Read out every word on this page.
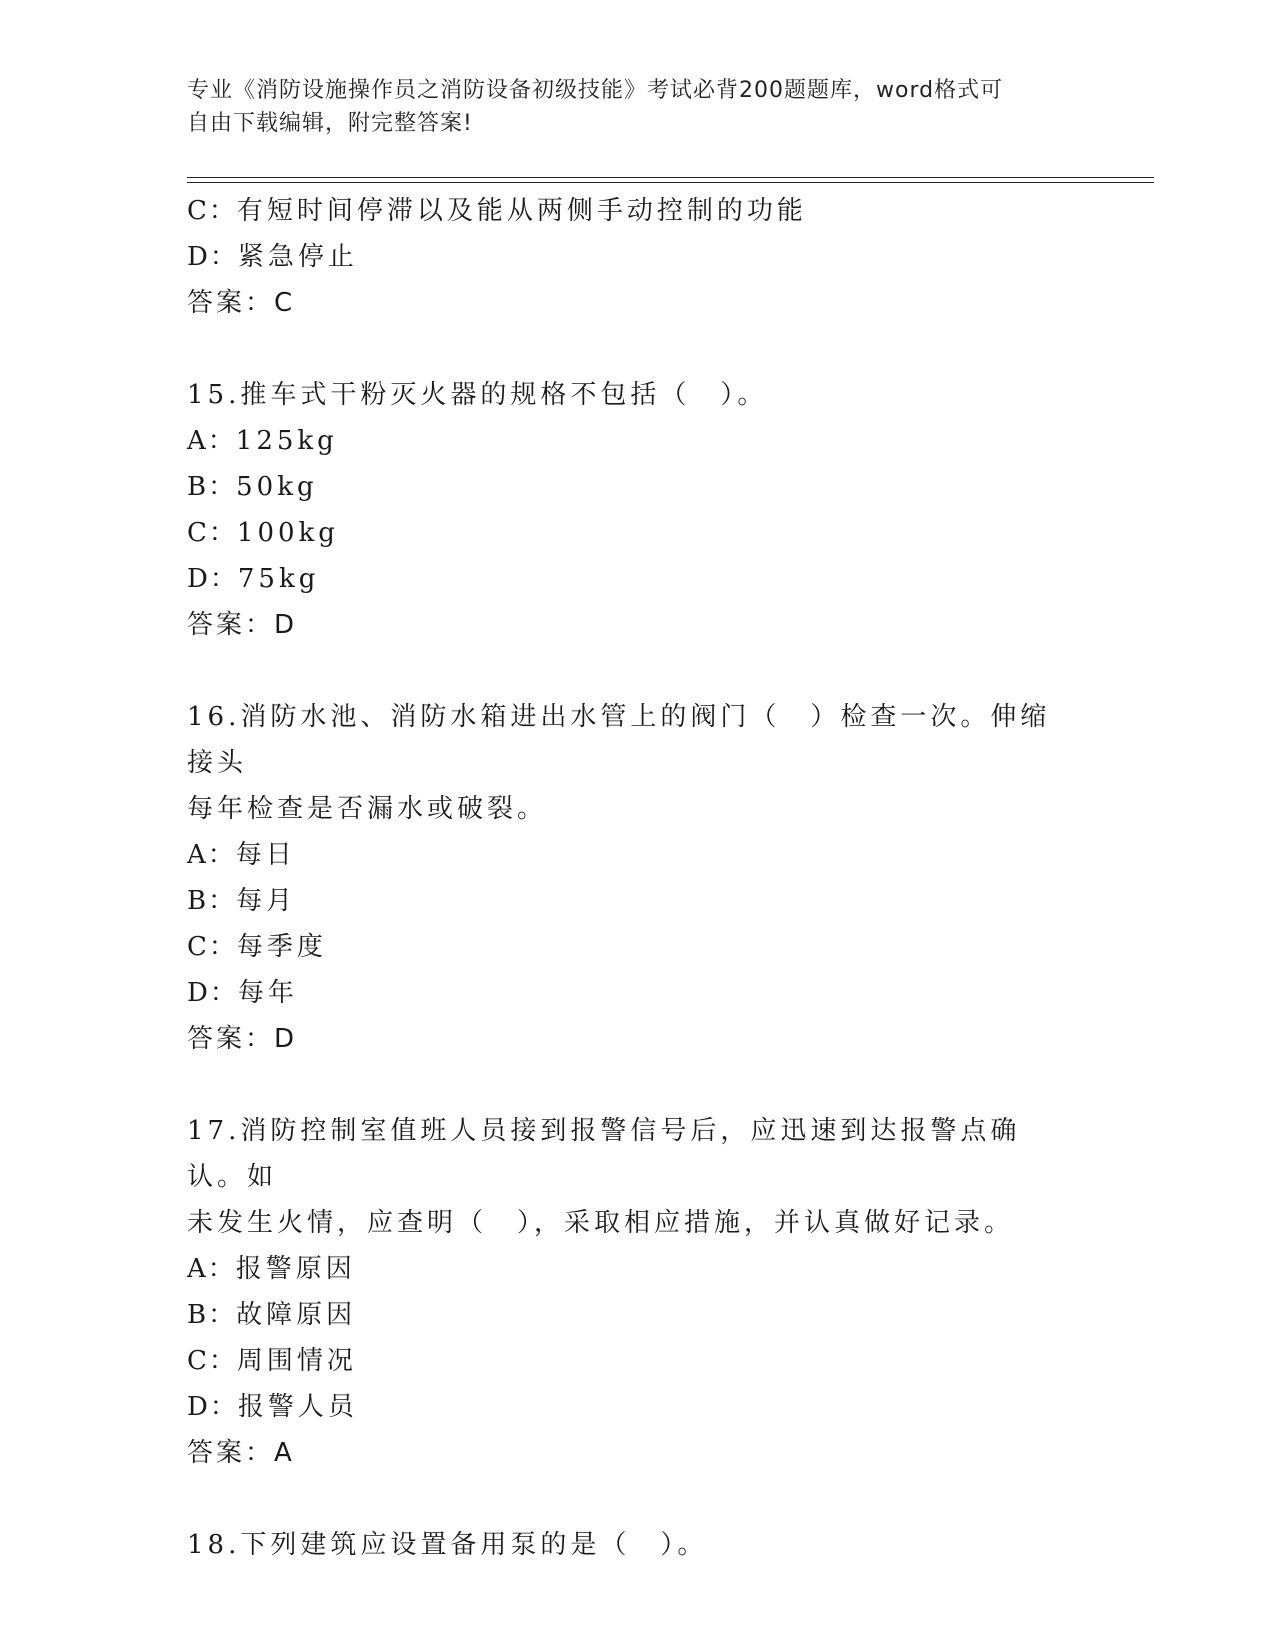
专业《消防设施操作员之消防设备初级技能》考试必背200题题库，word格式可
自由下载编辑，附完整答案!
C：有短时间停滞以及能从两侧手动控制的功能
D：紧急停止
答案：C
15.推车式干粉灭火器的规格不包括（　）。
A：125kg
B：50kg
C：100kg
D：75kg
答案：D
16.消防水池、消防水箱进出水管上的阀门（　）检查一次。伸缩接头
每年检查是否漏水或破裂。
A：每日
B：每月
C：每季度
D：每年
答案：D
17.消防控制室值班人员接到报警信号后，应迅速到达报警点确认。如
未发生火情，应查明（　），采取相应措施，并认真做好记录。
A：报警原因
B：故障原因
C：周围情况
D：报警人员
答案：A
18.下列建筑应设置备用泵的是（　）。
